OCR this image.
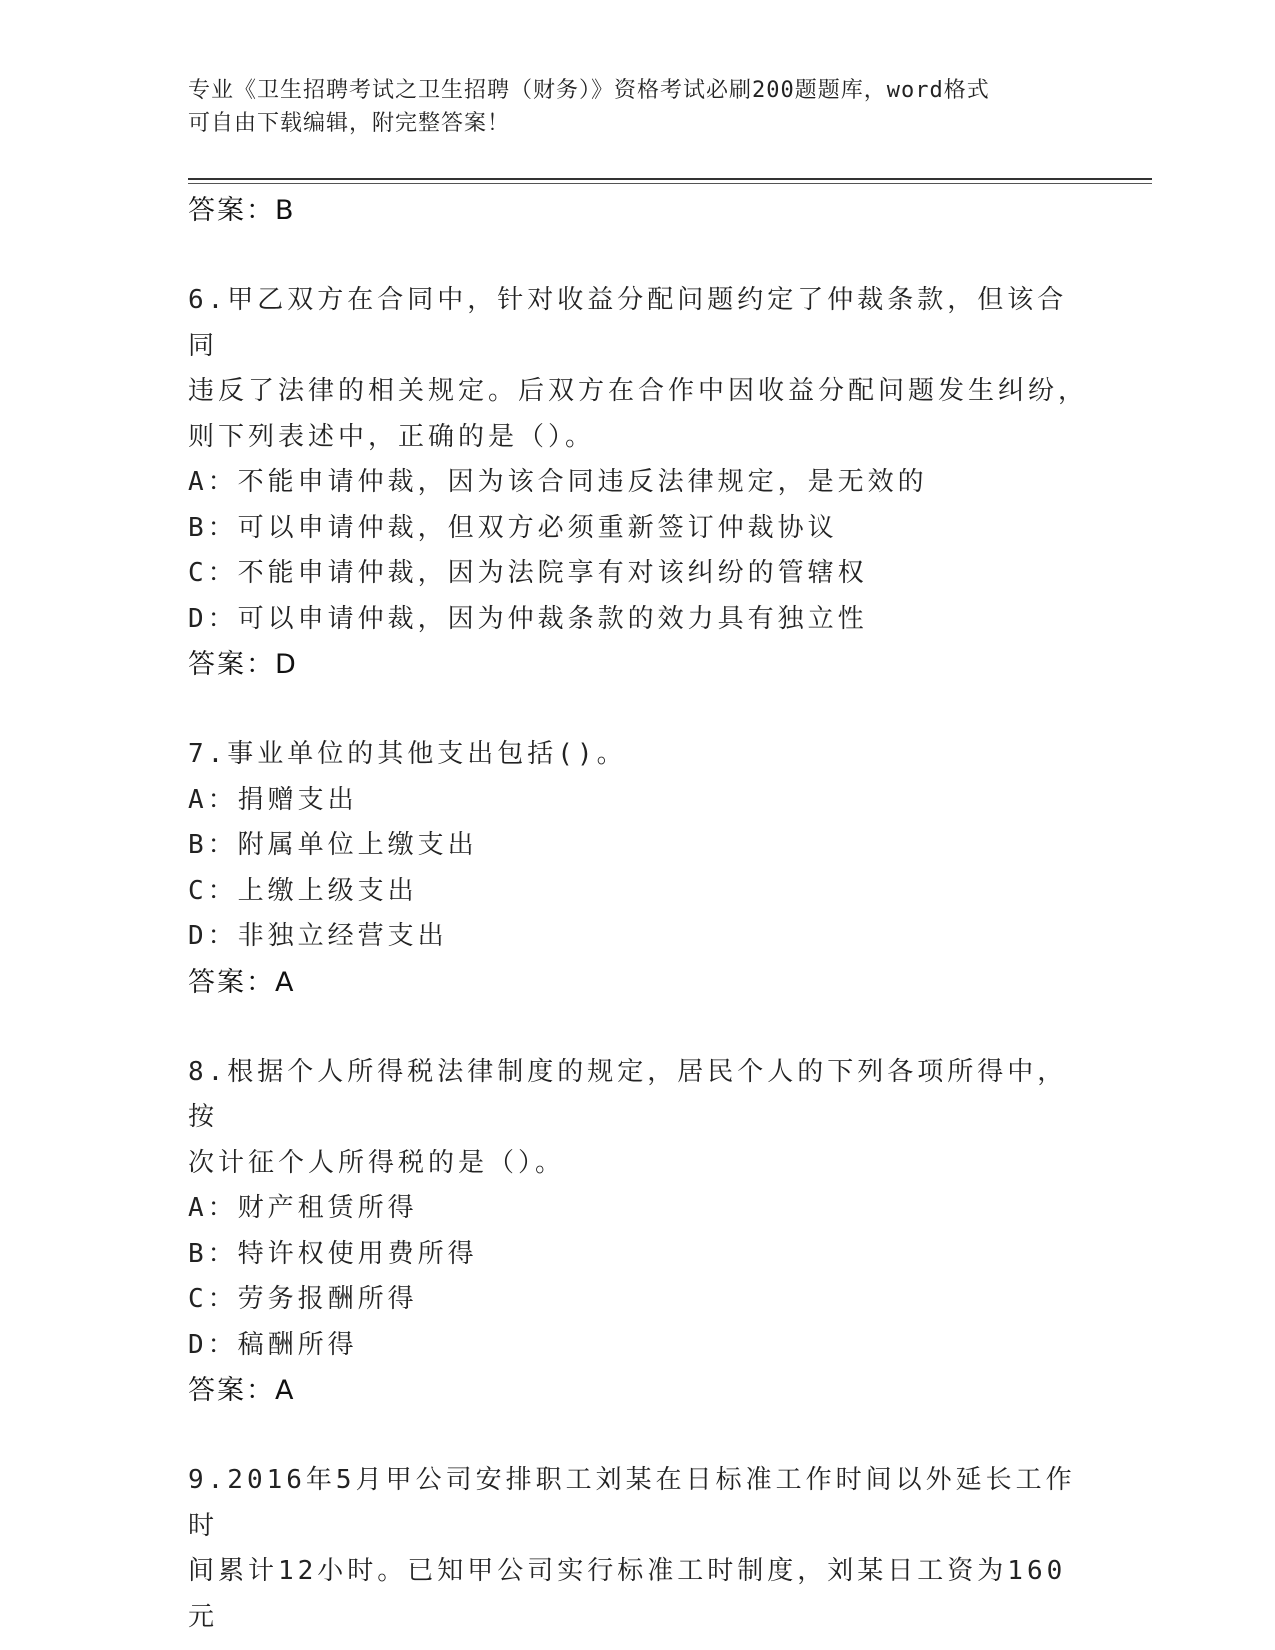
专业《卫生招聘考试之卫生招聘（财务）》资格考试必刷200题题库，word格式
可自由下载编辑，附完整答案！
答案：B
6.甲乙双方在合同中，针对收益分配问题约定了仲裁条款，但该合同
违反了法律的相关规定。后双方在合作中因收益分配问题发生纠纷，
则下列表述中，正确的是（）。
A：不能申请仲裁，因为该合同违反法律规定，是无效的
B：可以申请仲裁，但双方必须重新签订仲裁协议
C：不能申请仲裁，因为法院享有对该纠纷的管辖权
D：可以申请仲裁，因为仲裁条款的效力具有独立性
答案：D
7.事业单位的其他支出包括()。
A：捐赠支出
B：附属单位上缴支出
C：上缴上级支出
D：非独立经营支出
答案：A
8.根据个人所得税法律制度的规定，居民个人的下列各项所得中，按
次计征个人所得税的是（）。
A：财产租赁所得
B：特许权使用费所得
C：劳务报酬所得
D：稿酬所得
答案：A
9.2016年5月甲公司安排职工刘某在日标准工作时间以外延长工作时
间累计12小时。已知甲公司实行标准工时制度，刘某日工资为160元
